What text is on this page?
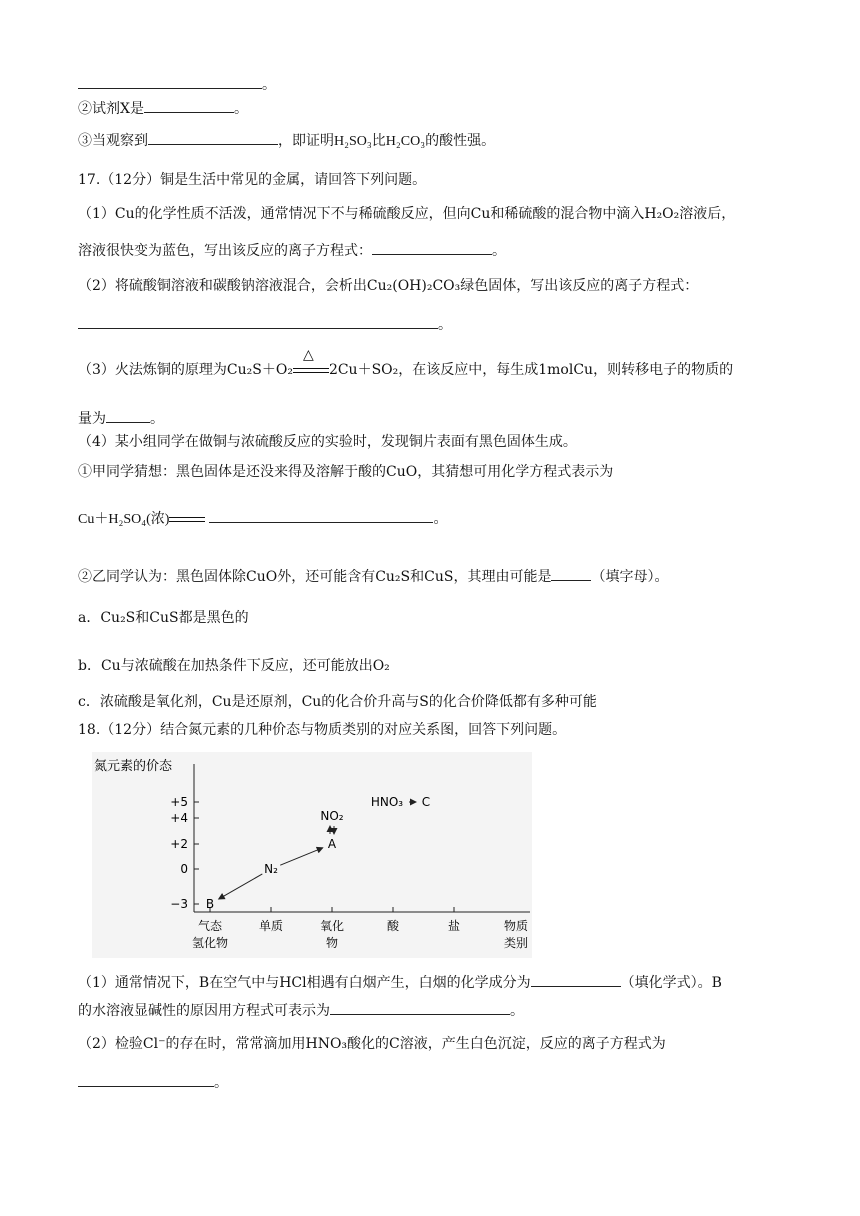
。
②试剂X是	。
③当观察到	，即证明H₂SO₃比H₂CO₃的酸性强。
17.（12分）铜是生活中常见的金属，请回答下列问题。
（1）Cu的化学性质不活泼，通常情况下不与稀硫酸反应，但向Cu和稀硫酸的混合物中滴入H₂O₂溶液后，
溶液很快变为蓝色，写出该反应的离子方程式：	。
（2）将硫酸铜溶液和碳酸钠溶液混合，会析出Cu₂(OH)₂CO₃绿色固体，写出该反应的离子方程式：
。
（3）火法炼铜的原理为Cu₂S＋O₂
△
2Cu＋SO₂，在该反应中，每生成1molCu，则转移电子的物质的
量为	。
（4）某小组同学在做铜与浓硫酸反应的实验时，发现铜片表面有黑色固体生成。
①甲同学猜想：黑色固体是还没来得及溶解于酸的CuO，其猜想可用化学方程式表示为
Cu＋H₂SO₄(浓)	。
②乙同学认为：黑色固体除CuO外，还可能含有Cu₂S和CuS，其理由可能是	（填字母）。
a．Cu₂S和CuS都是黑色的
b．Cu与浓硫酸在加热条件下反应，还可能放出O₂
c．浓硫酸是氧化剂，Cu是还原剂，Cu的化合价升高与S的化合价降低都有多种可能
18.（12分）结合氮元素的几种价态与物质类别的对应关系图，回答下列问题。
氮元素的价态
+5
+4
+2
0
−3
气态
氢化物
单质	氧化
物
酸	盐
B
N₂
A
NO₂
HNO₃ C
物质
类别
（1）通常情况下，B在空气中与HCl相遇有白烟产生，白烟的化学成分为	（填化学式）。B
的水溶液显碱性的原因用方程式可表示为	。
（2）检验Cl⁻的存在时，常常滴加用HNO₃酸化的C溶液，产生白色沉淀，反应的离子方程式为
。
